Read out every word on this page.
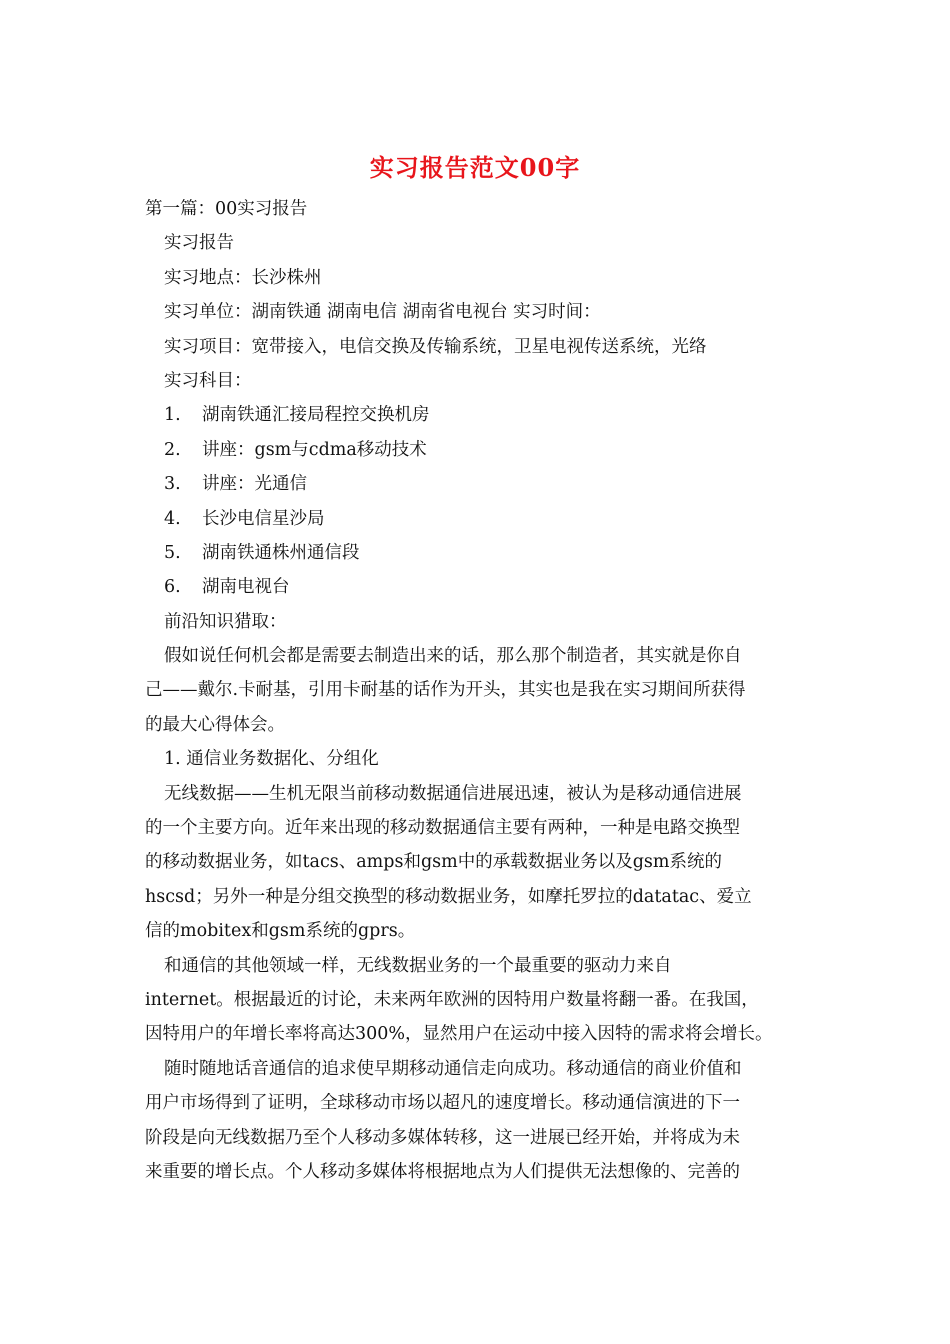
实习报告范文00字
第一篇：00实习报告
实习报告
实习地点：长沙株州
实习单位：湖南铁通 湖南电信 湖南省电视台 实习时间：
实习项目：宽带接入，电信交换及传输系统，卫星电视传送系统，光络
实习科目：
1. 湖南铁通汇接局程控交换机房
2. 讲座：gsm与cdma移动技术
3. 讲座：光通信
4. 长沙电信星沙局
5. 湖南铁通株州通信段
6. 湖南电视台
前沿知识猎取：
假如说任何机会都是需要去制造出来的话，那么那个制造者，其实就是你自
己——戴尔.卡耐基，引用卡耐基的话作为开头，其实也是我在实习期间所获得
的最大心得体会。
1. 通信业务数据化、分组化
无线数据——生机无限当前移动数据通信进展迅速，被认为是移动通信进展
的一个主要方向。近年来出现的移动数据通信主要有两种，一种是电路交换型
的移动数据业务，如tacs、amps和gsm中的承载数据业务以及gsm系统的
hscsd；另外一种是分组交换型的移动数据业务，如摩托罗拉的datatac、爱立
信的mobitex和gsm系统的gprs。
和通信的其他领域一样，无线数据业务的一个最重要的驱动力来自
internet。根据最近的讨论，未来两年欧洲的因特用户数量将翻一番。在我国，
因特用户的年增长率将高达300%，显然用户在运动中接入因特的需求将会增长。
随时随地话音通信的追求使早期移动通信走向成功。移动通信的商业价值和
用户市场得到了证明，全球移动市场以超凡的速度增长。移动通信演进的下一
阶段是向无线数据乃至个人移动多媒体转移，这一进展已经开始，并将成为未
来重要的增长点。个人移动多媒体将根据地点为人们提供无法想像的、完善的
